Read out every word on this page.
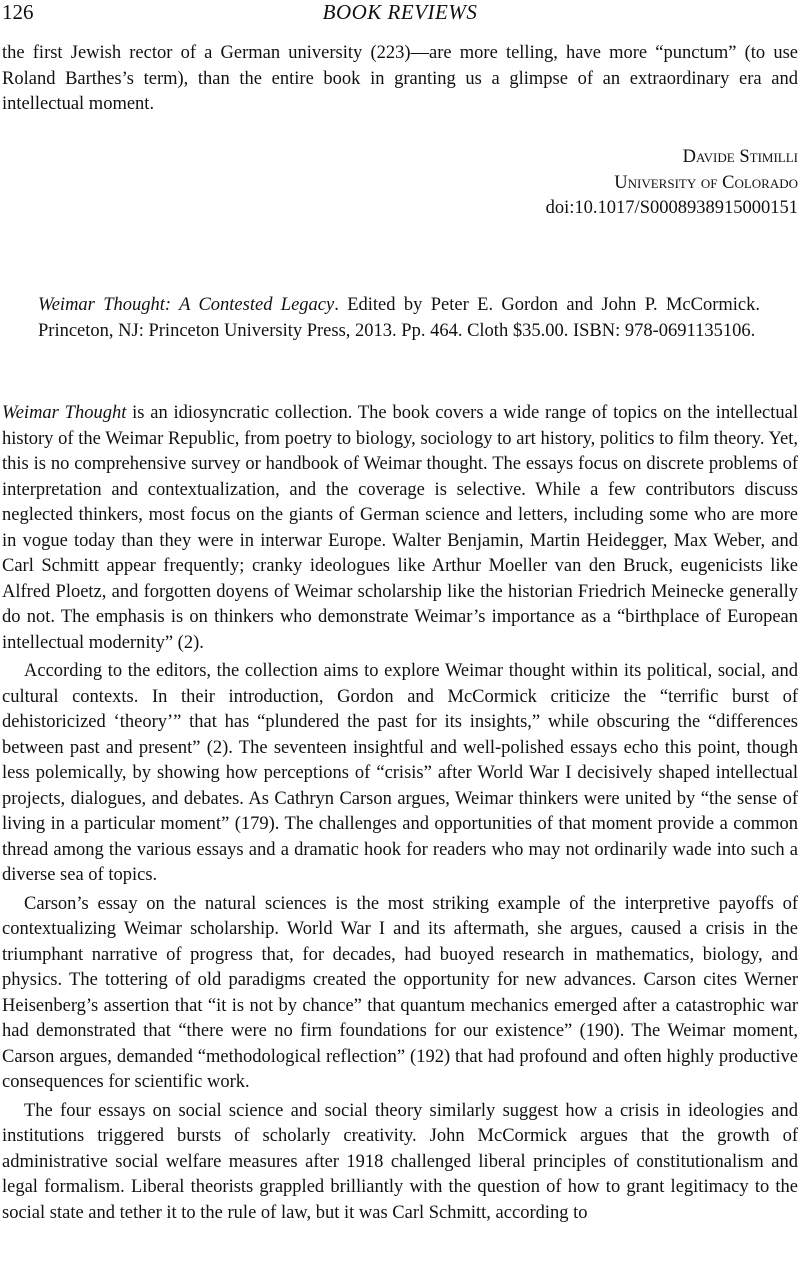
126	BOOK REVIEWS

the first Jewish rector of a German university (223)—are more telling, have more “punctum” (to use Roland Barthes’s term), than the entire book in granting us a glimpse of an extraordinary era and intellectual moment.

Davide Stimilli
University of Colorado
doi:10.1017/S0008938915000151

Weimar Thought: A Contested Legacy. Edited by Peter E. Gordon and John P. McCormick. Princeton, NJ: Princeton University Press, 2013. Pp. 464. Cloth $35.00. ISBN: 978-0691135106.

Weimar Thought is an idiosyncratic collection. The book covers a wide range of topics on the intellectual history of the Weimar Republic, from poetry to biology, sociology to art history, politics to film theory. Yet, this is no comprehensive survey or handbook of Weimar thought. The essays focus on discrete problems of interpretation and contextualization, and the coverage is selective. While a few contributors discuss neglected thinkers, most focus on the giants of German science and letters, including some who are more in vogue today than they were in interwar Europe. Walter Benjamin, Martin Heidegger, Max Weber, and Carl Schmitt appear frequently; cranky ideologues like Arthur Moeller van den Bruck, eugenicists like Alfred Ploetz, and forgotten doyens of Weimar scholarship like the historian Friedrich Meinecke generally do not. The emphasis is on thinkers who demonstrate Weimar’s importance as a “birthplace of European intellectual modernity” (2).

According to the editors, the collection aims to explore Weimar thought within its political, social, and cultural contexts. In their introduction, Gordon and McCormick criticize the “terrific burst of dehistoricized ‘theory’” that has “plundered the past for its insights,” while obscuring the “differences between past and present” (2). The seventeen insightful and well-polished essays echo this point, though less polemically, by showing how perceptions of “crisis” after World War I decisively shaped intellectual projects, dialogues, and debates. As Cathryn Carson argues, Weimar thinkers were united by “the sense of living in a particular moment” (179). The challenges and opportunities of that moment provide a common thread among the various essays and a dramatic hook for readers who may not ordinarily wade into such a diverse sea of topics.

Carson’s essay on the natural sciences is the most striking example of the interpretive payoffs of contextualizing Weimar scholarship. World War I and its aftermath, she argues, caused a crisis in the triumphant narrative of progress that, for decades, had buoyed research in mathematics, biology, and physics. The tottering of old paradigms created the opportunity for new advances. Carson cites Werner Heisenberg’s assertion that “it is not by chance” that quantum mechanics emerged after a catastrophic war had demonstrated that “there were no firm foundations for our existence” (190). The Weimar moment, Carson argues, demanded “methodological reflection” (192) that had profound and often highly productive consequences for scientific work.

The four essays on social science and social theory similarly suggest how a crisis in ideologies and institutions triggered bursts of scholarly creativity. John McCormick argues that the growth of administrative social welfare measures after 1918 challenged liberal principles of constitutionalism and legal formalism. Liberal theorists grappled brilliantly with the question of how to grant legitimacy to the social state and tether it to the rule of law, but it was Carl Schmitt, according to
